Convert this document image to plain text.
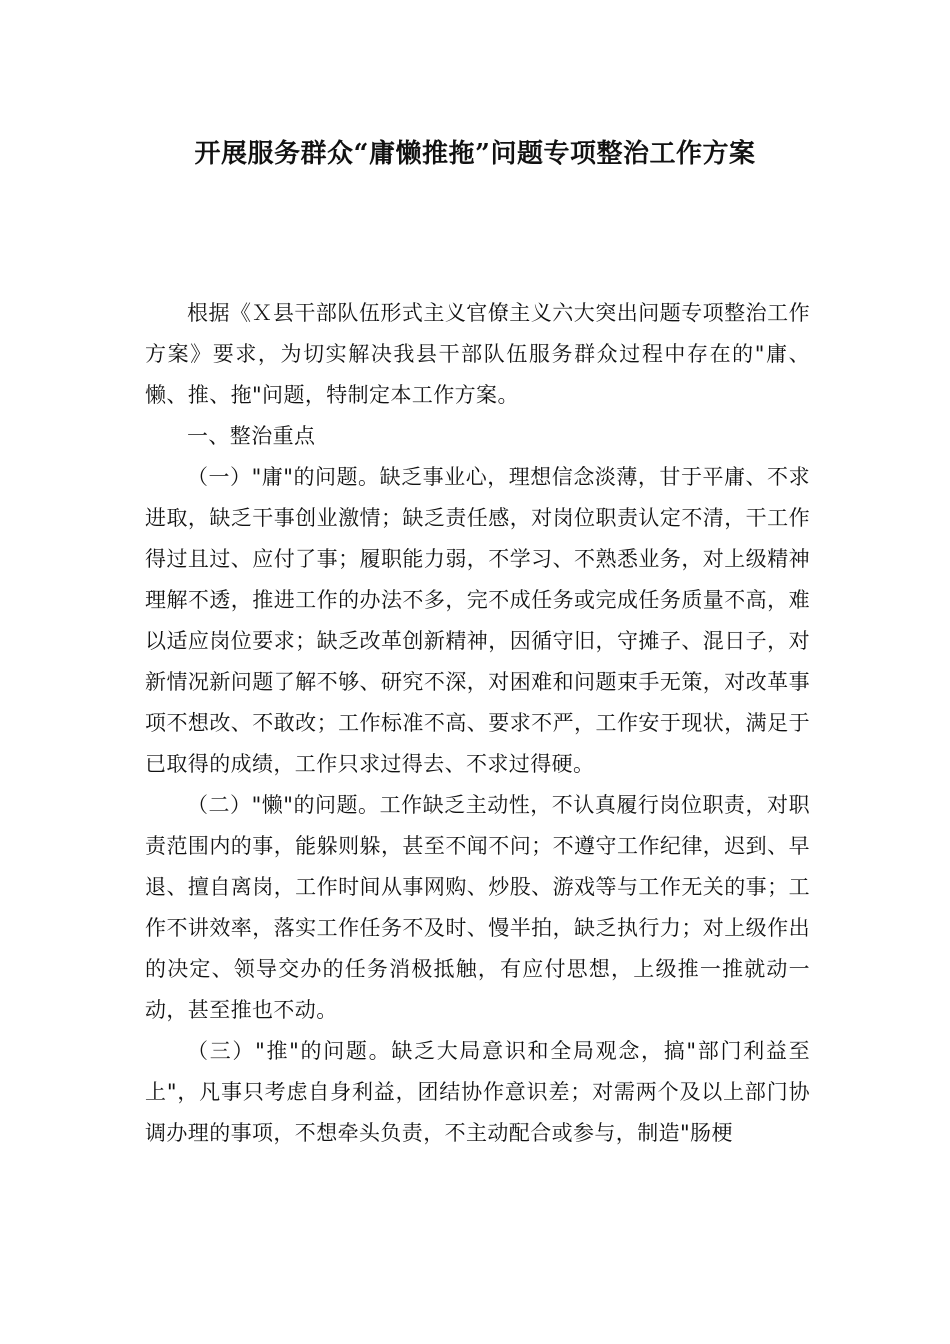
开展服务群众“庸懒推拖”问题专项整治工作方案

根据《Ｘ县干部队伍形式主义官僚主义六大突出问题专项整治工作方案》要求，为切实解决我县干部队伍服务群众过程中存在的"庸、懒、推、拖"问题，特制定本工作方案。

一、整治重点

（一）"庸"的问题。缺乏事业心，理想信念淡薄，甘于平庸、不求进取，缺乏干事创业激情；缺乏责任感，对岗位职责认定不清，干工作得过且过、应付了事；履职能力弱，不学习、不熟悉业务，对上级精神理解不透，推进工作的办法不多，完不成任务或完成任务质量不高，难以适应岗位要求；缺乏改革创新精神，因循守旧，守摊子、混日子，对新情况新问题了解不够、研究不深，对困难和问题束手无策，对改革事项不想改、不敢改；工作标准不高、要求不严，工作安于现状，满足于已取得的成绩，工作只求过得去、不求过得硬。

（二）"懒"的问题。工作缺乏主动性，不认真履行岗位职责，对职责范围内的事，能躲则躲，甚至不闻不问；不遵守工作纪律，迟到、早退、擅自离岗，工作时间从事网购、炒股、游戏等与工作无关的事；工作不讲效率，落实工作任务不及时、慢半拍，缺乏执行力；对上级作出的决定、领导交办的任务消极抵触，有应付思想，上级推一推就动一动，甚至推也不动。

（三）"推"的问题。缺乏大局意识和全局观念，搞"部门利益至上"，凡事只考虑自身利益，团结协作意识差；对需两个及以上部门协调办理的事项，不想牵头负责，不主动配合或参与，制造"肠梗
